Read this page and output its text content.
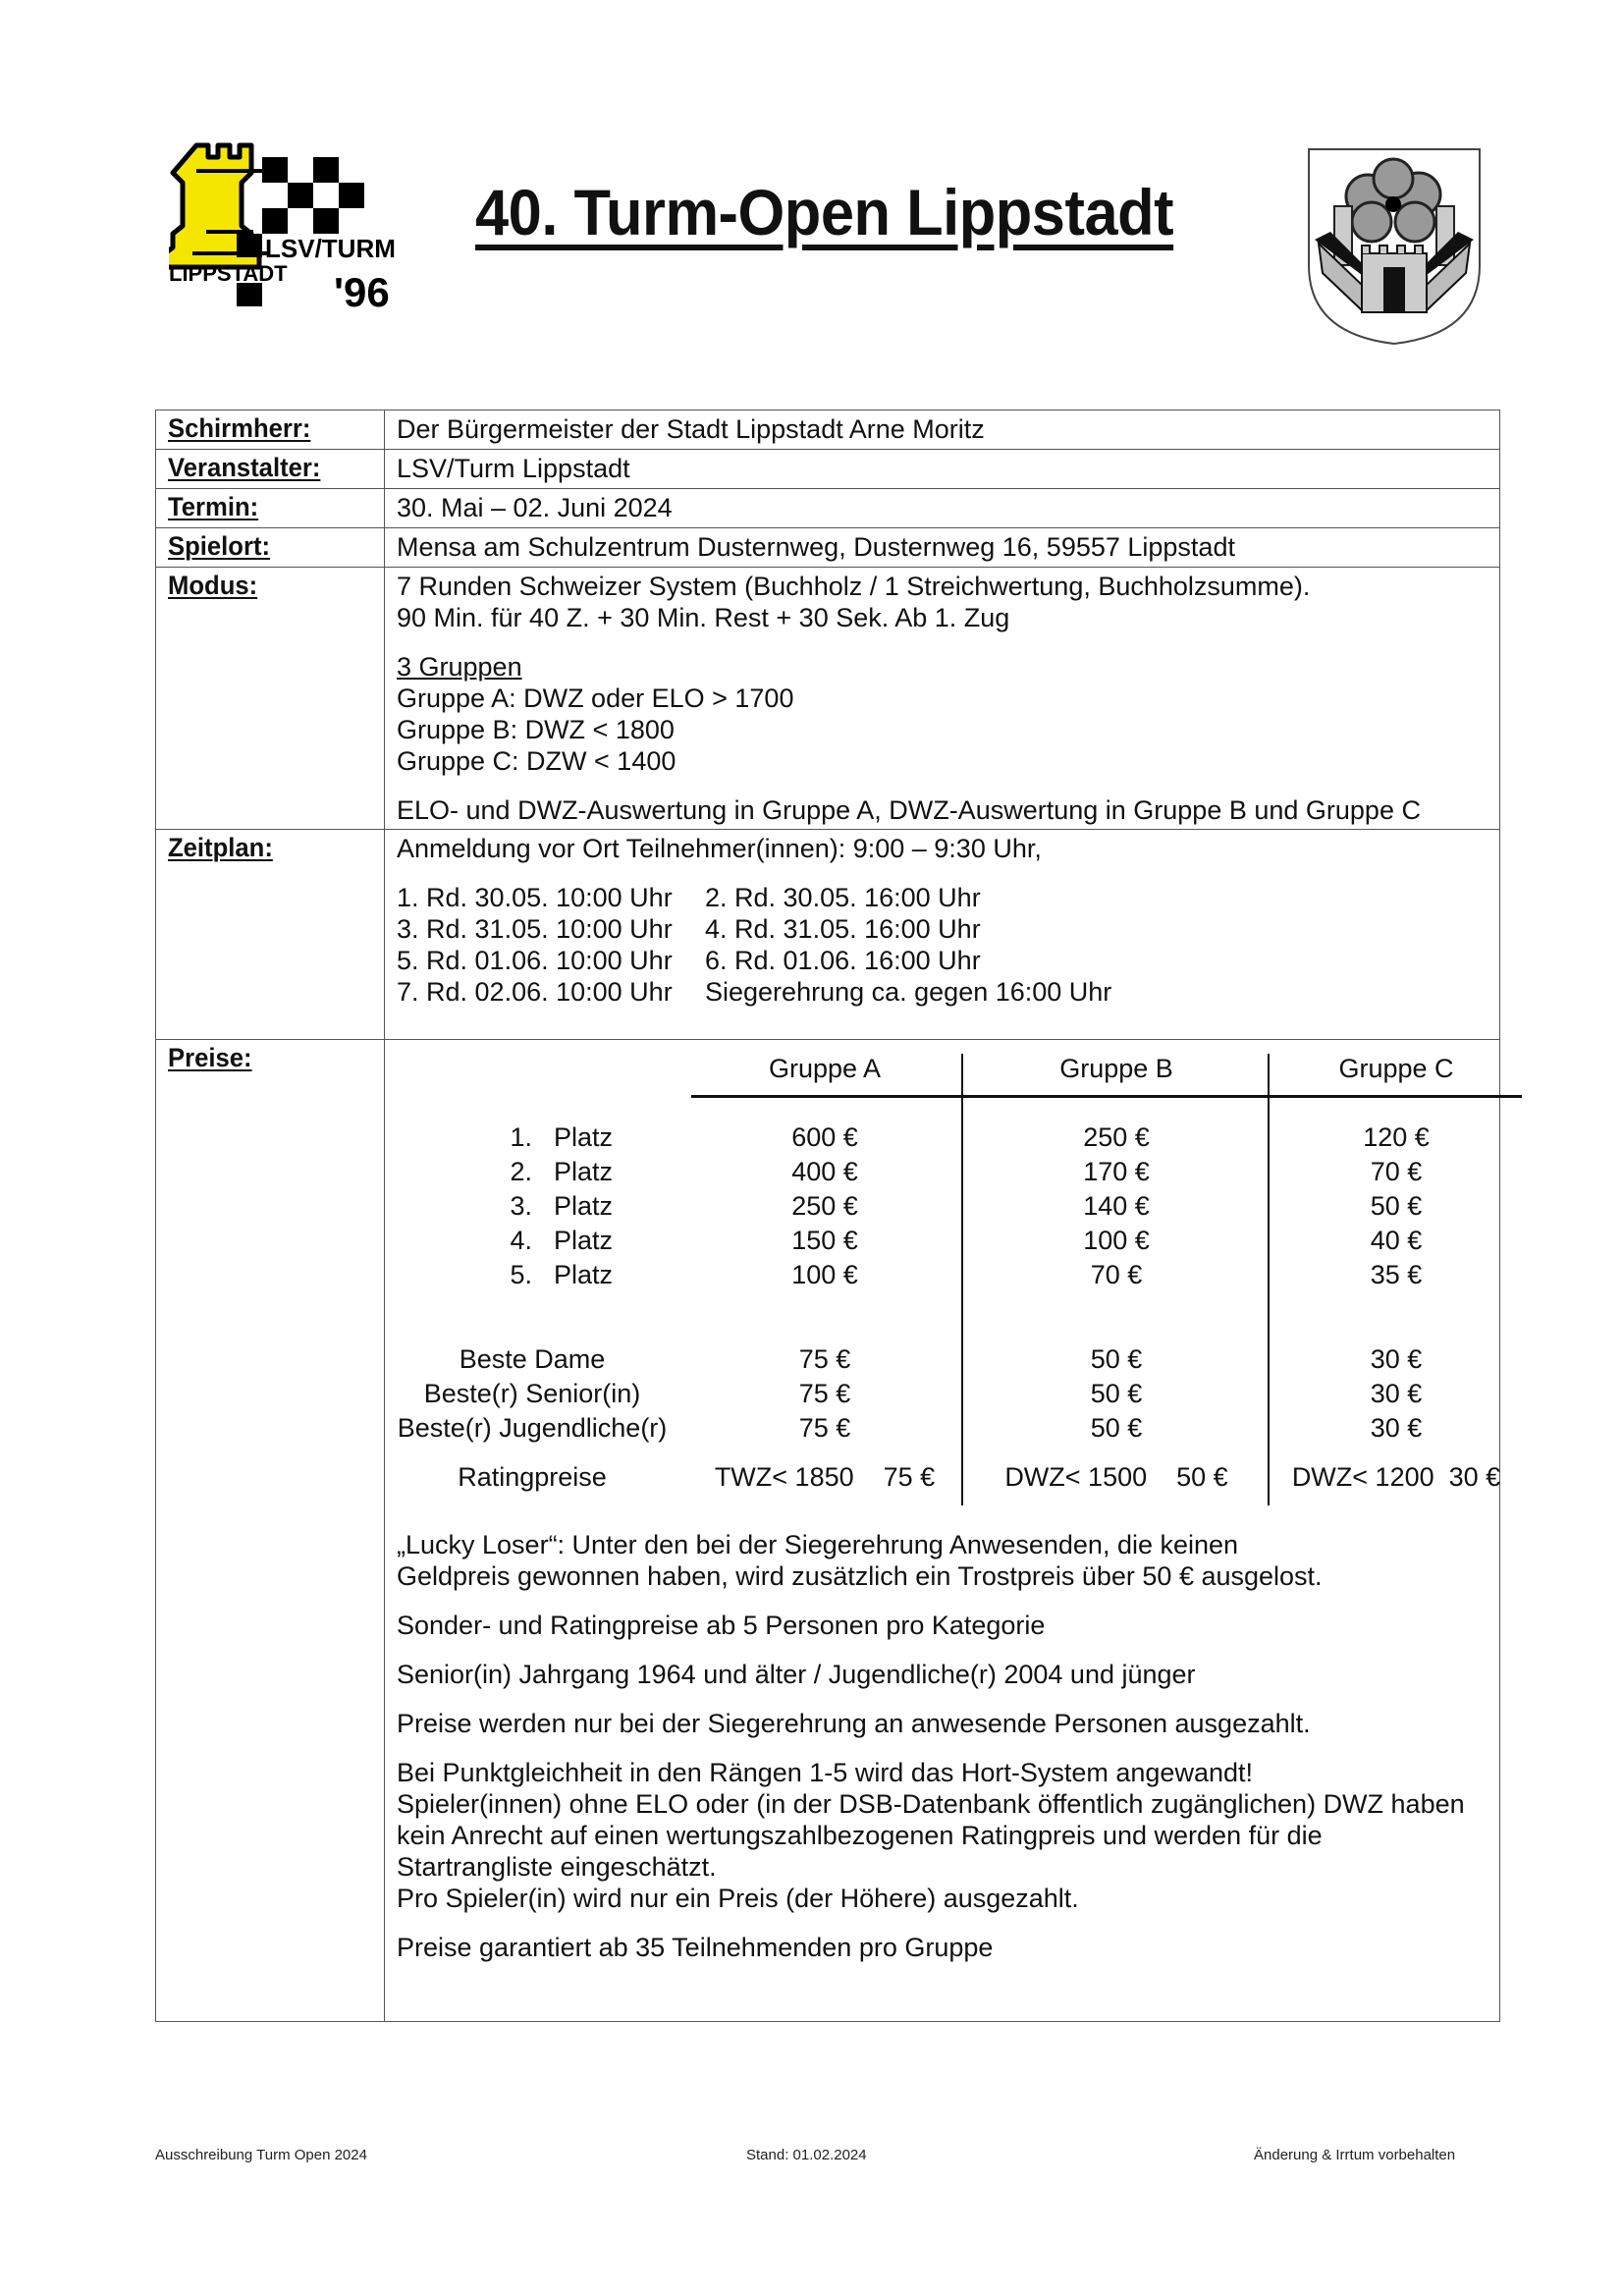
LSV/TURM
LIPPSTADT '96
40. Turm-Open Lippstadt
Schirmherr:	Der Bürgermeister der Stadt Lippstadt Arne Moritz
Veranstalter:	LSV/Turm Lippstadt
Termin:	30. Mai – 02. Juni 2024
Spielort:	Mensa am Schulzentrum Dusternweg, Dusternweg 16, 59557 Lippstadt
Modus:	7 Runden Schweizer System (Buchholz / 1 Streichwertung, Buchholzsumme).
90 Min. für 40 Z. + 30 Min. Rest + 30 Sek. Ab 1. Zug
3 Gruppen
Gruppe A: DWZ oder ELO > 1700
Gruppe B: DWZ < 1800
Gruppe C: DZW < 1400
ELO- und DWZ-Auswertung in Gruppe A, DWZ-Auswertung in Gruppe B und Gruppe C

Zeitplan:	Anmeldung vor Ort Teilnehmer(innen): 9:00 – 9:30 Uhr,
1. Rd. 30.05. 10:00 Uhr	2. Rd. 30.05. 16:00 Uhr
3. Rd. 31.05. 10:00 Uhr	4. Rd. 31.05. 16:00 Uhr
5. Rd. 01.06. 10:00 Uhr	6. Rd. 01.06. 16:00 Uhr
7. Rd. 02.06. 10:00 Uhr	Siegerehrung ca. gegen 16:00 Uhr

Preise:	Gruppe A	Gruppe B	Gruppe C
1. Platz	600 €	250 €	120 €
2. Platz	400 €	170 €	70 €
3. Platz	250 €	140 €	50 €
4. Platz	150 €	100 €	40 €
5. Platz	100 €	70 €	35 €
Beste Dame	75 €	50 €	30 €
Beste(r) Senior(in)	75 €	50 €	30 €
Beste(r) Jugendliche(r)	75 €	50 €	30 €
Ratingpreise	TWZ< 1850    75 €	DWZ< 1500    50 €	DWZ< 1200  30 €
„Lucky Loser“: Unter den bei der Siegerehrung Anwesenden, die keinen
Geldpreis gewonnen haben, wird zusätzlich ein Trostpreis über 50 € ausgelost.
Sonder- und Ratingpreise ab 5 Personen pro Kategorie
Senior(in) Jahrgang 1964 und älter / Jugendliche(r) 2004 und jünger
Preise werden nur bei der Siegerehrung an anwesende Personen ausgezahlt.
Bei Punktgleichheit in den Rängen 1-5 wird das Hort-System angewandt!
Spieler(innen) ohne ELO oder (in der DSB-Datenbank öffentlich zugänglichen) DWZ haben
kein Anrecht auf einen wertungszahlbezogenen Ratingpreis und werden für die
Startrangliste eingeschätzt.
Pro Spieler(in) wird nur ein Preis (der Höhere) ausgezahlt.
Preise garantiert ab 35 Teilnehmenden pro Gruppe
Ausschreibung Turm Open 2024	Stand: 01.02.2024	Änderung & Irrtum vorbehalten
